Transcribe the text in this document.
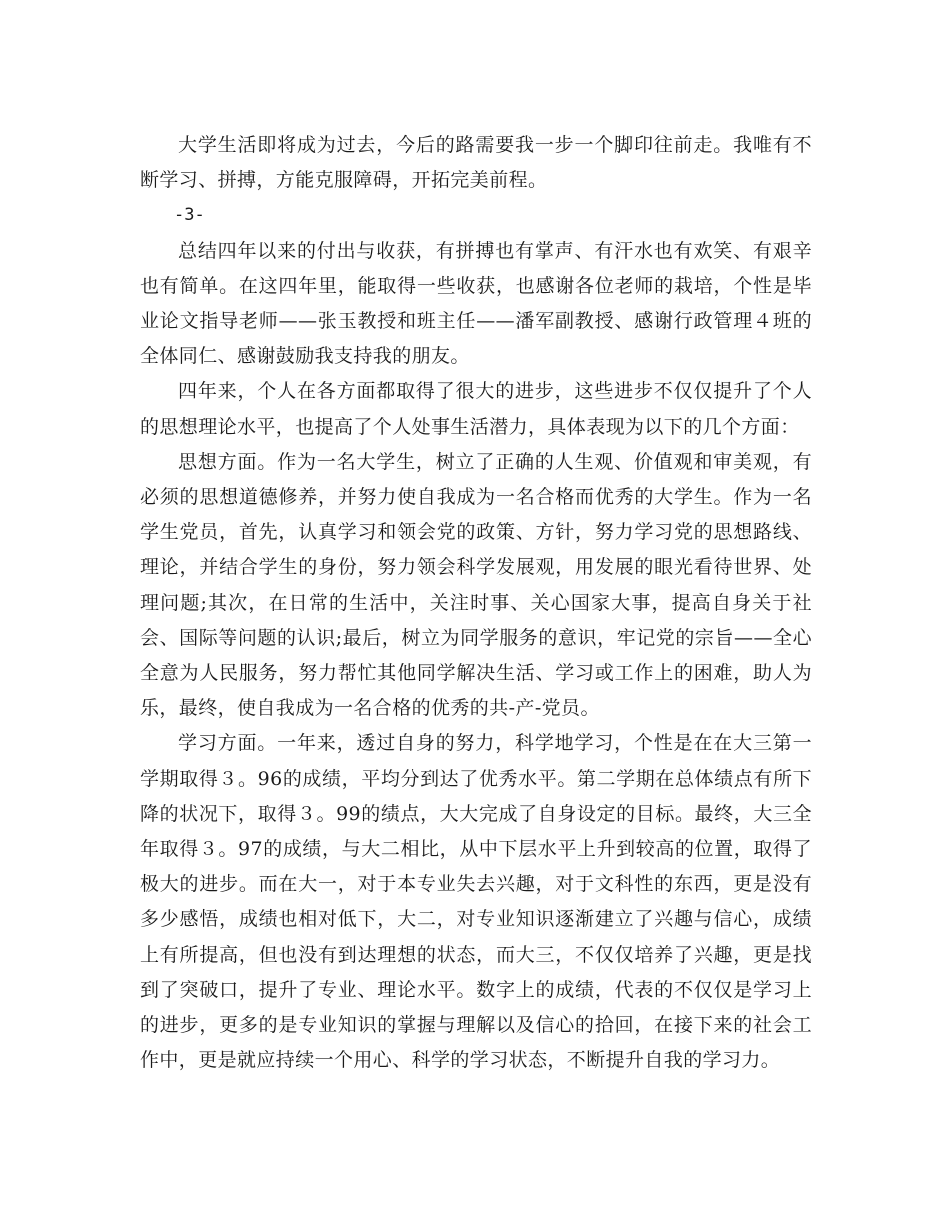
大学生活即将成为过去，今后的路需要我一步一个脚印往前走。我唯有不断学习、拼搏，方能克服障碍，开拓完美前程。

-3-

总结四年以来的付出与收获，有拼搏也有掌声、有汗水也有欢笑、有艰辛也有简单。在这四年里，能取得一些收获，也感谢各位老师的栽培，个性是毕业论文指导老师——张玉教授和班主任——潘军副教授、感谢行政管理４班的全体同仁、感谢鼓励我支持我的朋友。

四年来，个人在各方面都取得了很大的进步，这些进步不仅仅提升了个人的思想理论水平，也提高了个人处事生活潜力，具体表现为以下的几个方面：

思想方面。作为一名大学生，树立了正确的人生观、价值观和审美观，有必须的思想道德修养，并努力使自我成为一名合格而优秀的大学生。作为一名学生党员，首先，认真学习和领会党的政策、方针，努力学习党的思想路线、理论，并结合学生的身份，努力领会科学发展观，用发展的眼光看待世界、处理问题;其次，在日常的生活中，关注时事、关心国家大事，提高自身关于社会、国际等问题的认识;最后，树立为同学服务的意识，牢记党的宗旨——全心全意为人民服务，努力帮忙其他同学解决生活、学习或工作上的困难，助人为乐，最终，使自我成为一名合格的优秀的共-产-党员。

学习方面。一年来，透过自身的努力，科学地学习，个性是在在大三第一学期取得３。96的成绩，平均分到达了优秀水平。第二学期在总体绩点有所下降的状况下，取得３。99的绩点，大大完成了自身设定的目标。最终，大三全年取得３。97的成绩，与大二相比，从中下层水平上升到较高的位置，取得了极大的进步。而在大一，对于本专业失去兴趣，对于文科性的东西，更是没有多少感悟，成绩也相对低下，大二，对专业知识逐渐建立了兴趣与信心，成绩上有所提高，但也没有到达理想的状态，而大三，不仅仅培养了兴趣，更是找到了突破口，提升了专业、理论水平。数字上的成绩，代表的不仅仅是学习上的进步，更多的是专业知识的掌握与理解以及信心的拾回，在接下来的社会工作中，更是就应持续一个用心、科学的学习状态，不断提升自我的学习力。
